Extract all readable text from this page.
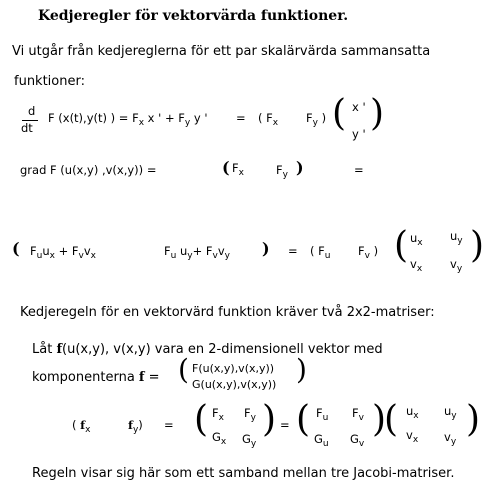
Kedjeregler för vektorvärda funktioner.
Vi utgår från kedjereglerna för ett par skalärvärda sammansatta
funktioner:
d
dt
F (x(t),y(t) ) = $F_x$ x ' + $F_y$ y ' = ( $F_x$ $F_y$ ) ( x '
y ' )
grad F (u(x,y) ,v(x,y)) =	( $F_x$	$F_y$ )	=
( $F_uu_x + F_vv_x$	$F_u$ $u_y+ F_vv_y$ ) = ( $F_u$ $F_v$ ) ( $u_x$ $u_y$
$v_x$ $v_y$
)
Kedjeregeln för en vektorvärd funktion kräver två 2x2-matriser:
Låt f(u(x,y), v(x,y) vara en 2-dimensionell vektor med
komponenterna f = ( F(u(x,y),v(x,y))
G(u(x,y),v(x,y)) )
( $f_x$	$f_y$) = ( $F_x$ $F_y$
$G_x$ $G_y$
) = ( $F_u$ $F_v$
$G_u$ $G_v$
)
( $u_x$ $u_y$
$v_x$ $v_y$
)
Regeln visar sig här som ett samband mellan tre Jacobi-matriser.
